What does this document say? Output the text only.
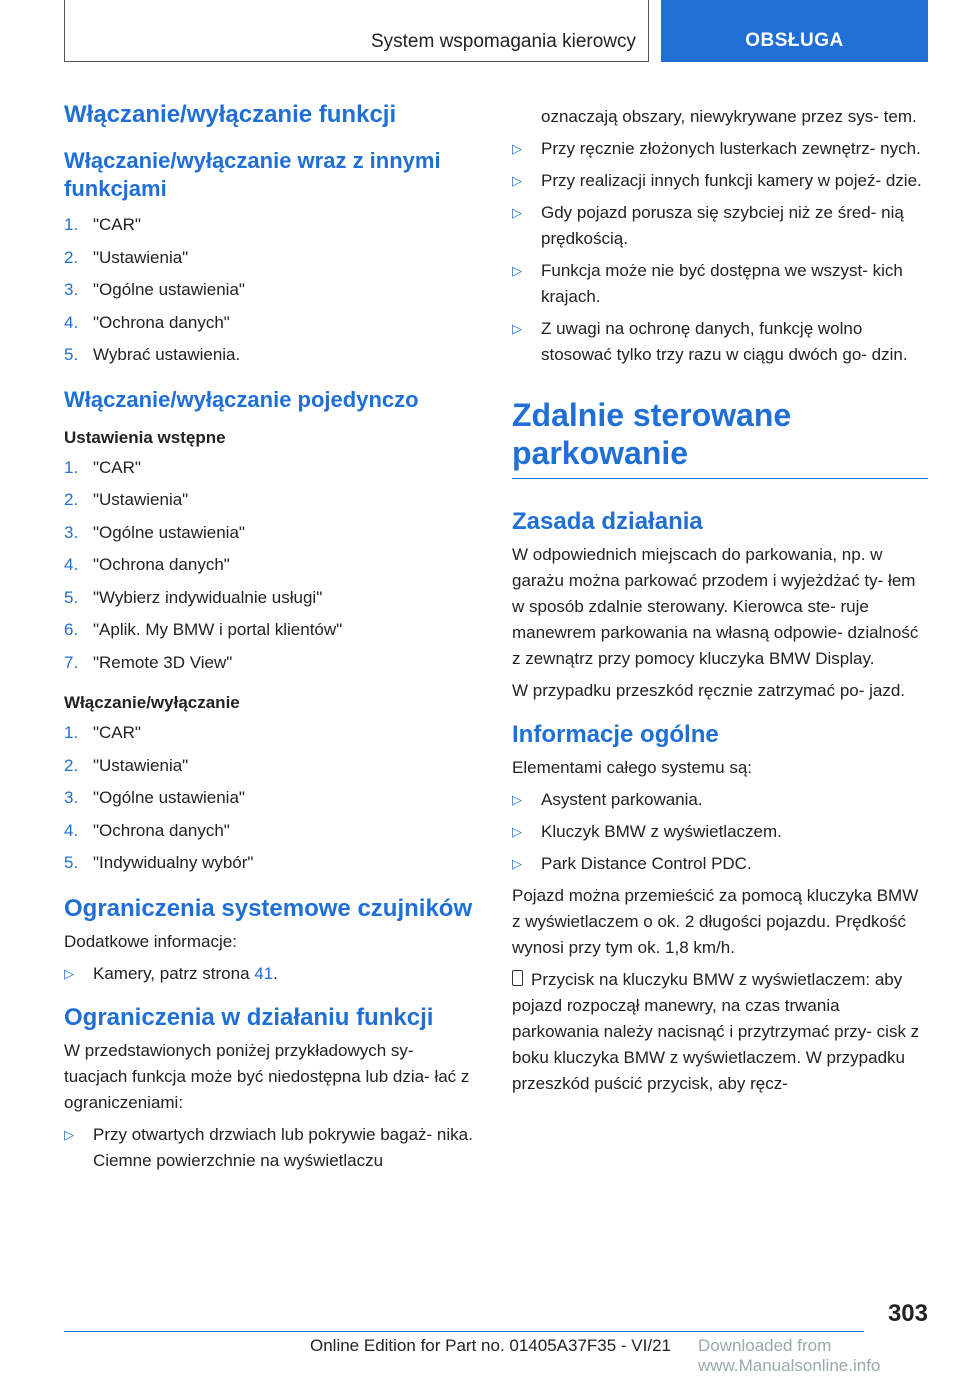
System wspomagania kierowcy	OBSŁUGA
Włączanie/wyłączanie funkcji
Włączanie/wyłączanie wraz z innymi funkcjami
1. "CAR"
2. "Ustawienia"
3. "Ogólne ustawienia"
4. "Ochrona danych"
5. Wybrać ustawienia.
Włączanie/wyłączanie pojedynczo
Ustawienia wstępne
1. "CAR"
2. "Ustawienia"
3. "Ogólne ustawienia"
4. "Ochrona danych"
5. "Wybierz indywidualnie usługi"
6. "Aplik. My BMW i portal klientów"
7. "Remote 3D View"
Włączanie/wyłączanie
1. "CAR"
2. "Ustawienia"
3. "Ogólne ustawienia"
4. "Ochrona danych"
5. "Indywidualny wybór"
Ograniczenia systemowe czujników

Dodatkowe informacje:

▷	Kamery, patrz strona 41.
Ograniczenia w działaniu funkcji

W przedstawionych poniżej przykładowych sy- tuacjach funkcja może być niedostępna lub dzia- łać z ograniczeniami:

▷	Przy otwartych drzwiach lub pokrywie bagaż- nika. Ciemne powierzchnie na wyświetlaczu

oznaczają obszary, niewykrywane przez sys- tem.

▷	Przy ręcznie złożonych lusterkach zewnętrz- nych.
▷	Przy realizacji innych funkcji kamery w pojeź- dzie.
▷	Gdy pojazd porusza się szybciej niż ze śred- nią prędkością.
▷	Funkcja może nie być dostępna we wszyst- kich krajach.
▷	Z uwagi na ochronę danych, funkcję wolno stosować tylko trzy razu w ciągu dwóch go- dzin.
Zdalnie sterowane parkowanie
Zasada działania

W odpowiednich miejscach do parkowania, np. w garażu można parkować przodem i wyjeżdżać ty- łem w sposób zdalnie sterowany. Kierowca ste- ruje manewrem parkowania na własną odpowie- dzialność z zewnątrz przy pomocy kluczyka BMW Display.

W przypadku przeszkód ręcznie zatrzymać po- jazd.

Informacje ogólne

Elementami całego systemu są:

▷	Asystent parkowania.
▷	Kluczyk BMW z wyświetlaczem.
▷	Park Distance Control PDC.

Pojazd można przemieścić za pomocą kluczyka BMW z wyświetlaczem o ok. 2 długości pojazdu. Prędkość wynosi przy tym ok. 1,8 km/h.

Przycisk na kluczyku BMW z wyświetlaczem: aby pojazd rozpoczął manewry, na czas trwania parkowania należy nacisnąć i przytrzymać przy- cisk z boku kluczyka BMW z wyświetlaczem. W przypadku przeszkód puścić przycisk, aby ręcz-

303
Online Edition for Part no. 01405A37F35 - VI/21 Downloaded from www.Manualsonline.info
